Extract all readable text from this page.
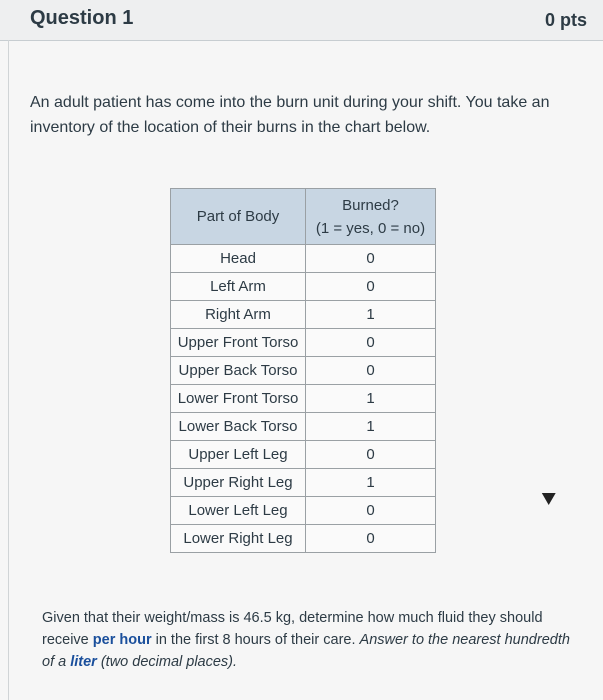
Question 1	0 pts
An adult patient has come into the burn unit during your shift. You take an inventory of the location of their burns in the chart below.
Part of Body	Burned?
(1 = yes, 0 = no)

Head	0
Left Arm	0
Right Arm	1
Upper Front Torso	0
Upper Back Torso	0
Lower Front Torso	1
Lower Back Torso	1
Upper Left Leg	0
Upper Right Leg	1
Lower Left Leg	0
Lower Right Leg	0
Given that their weight/mass is 46.5 kg, determine how much fluid they should receive per hour in the first 8 hours of their care. Answer to the nearest hundredth of a liter (two decimal places).
